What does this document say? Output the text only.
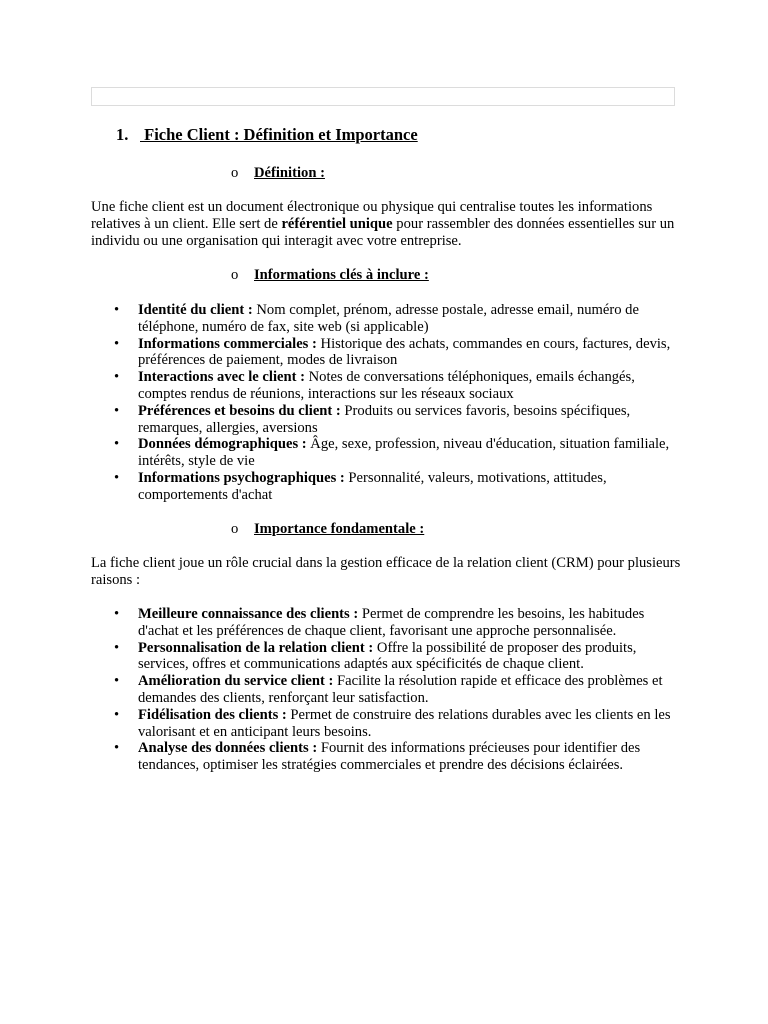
1. Fiche Client : Définition et Importance
o Définition :
Une fiche client est un document électronique ou physique qui centralise toutes les informations relatives à un client. Elle sert de référentiel unique pour rassembler des données essentielles sur un individu ou une organisation qui interagit avec votre entreprise.
o Informations clés à inclure :
• Identité du client : Nom complet, prénom, adresse postale, adresse email, numéro de téléphone, numéro de fax, site web (si applicable)
• Informations commerciales : Historique des achats, commandes en cours, factures, devis, préférences de paiement, modes de livraison
• Interactions avec le client : Notes de conversations téléphoniques, emails échangés, comptes rendus de réunions, interactions sur les réseaux sociaux
• Préférences et besoins du client : Produits ou services favoris, besoins spécifiques, remarques, allergies, aversions
• Données démographiques : Âge, sexe, profession, niveau d'éducation, situation familiale, intérêts, style de vie
• Informations psychographiques : Personnalité, valeurs, motivations, attitudes, comportements d'achat
o Importance fondamentale :
La fiche client joue un rôle crucial dans la gestion efficace de la relation client (CRM) pour plusieurs raisons :
• Meilleure connaissance des clients : Permet de comprendre les besoins, les habitudes d'achat et les préférences de chaque client, favorisant une approche personnalisée.
• Personnalisation de la relation client : Offre la possibilité de proposer des produits, services, offres et communications adaptés aux spécificités de chaque client.
• Amélioration du service client : Facilite la résolution rapide et efficace des problèmes et demandes des clients, renforçant leur satisfaction.
• Fidélisation des clients : Permet de construire des relations durables avec les clients en les valorisant et en anticipant leurs besoins.
• Analyse des données clients : Fournit des informations précieuses pour identifier des tendances, optimiser les stratégies commerciales et prendre des décisions éclairées.
